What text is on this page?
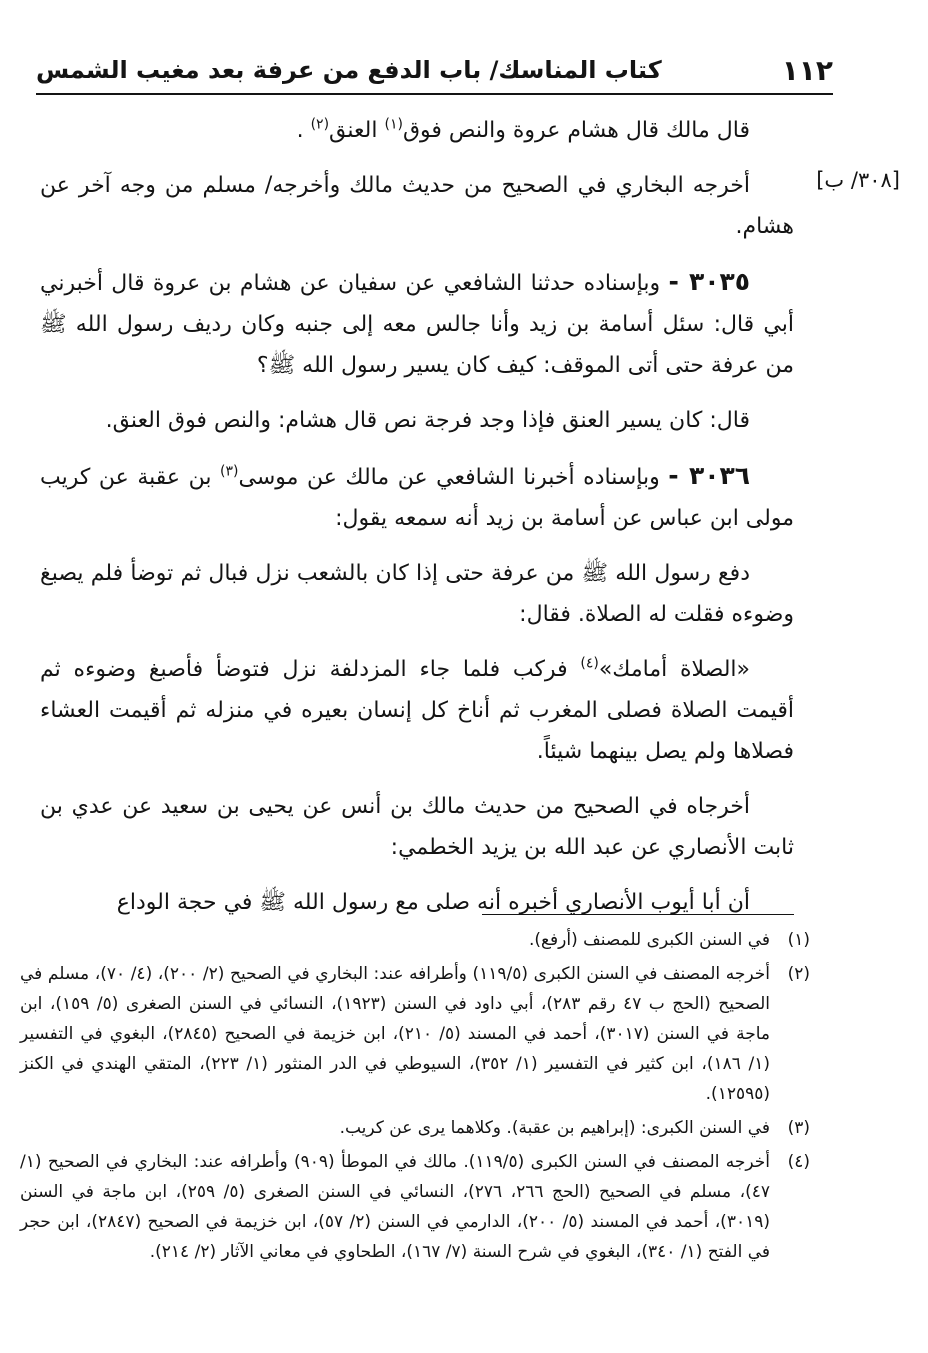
١١٢
كتاب المناسك/ باب الدفع من عرفة بعد مغيب الشمس
[٣٠٨/ ب]

قال مالك قال هشام عروة والنص فوق$^{(١)}$ العنق$^{(٢)}$ .

أخرجه البخاري في الصحيح من حديث مالك وأخرجه/ مسلم من وجه آخر عن هشام.

٣٠٣٥ - وبإسناده حدثنا الشافعي عن سفيان عن هشام بن عروة قال أخبرني أبي قال: سئل أسامة بن زيد وأنا جالس معه إلى جنبه وكان رديف رسول الله ﷺ من عرفة حتى أتى الموقف: كيف كان يسير رسول الله ﷺ؟

قال: كان يسير العنق فإذا وجد فرجة نص قال هشام: والنص فوق العنق.

٣٠٣٦ - وبإسناده أخبرنا الشافعي عن مالك عن موسى$^{(٣)}$ بن عقبة عن كريب مولى ابن عباس عن أسامة بن زيد أنه سمعه يقول:

دفع رسول الله ﷺ من عرفة حتى إذا كان بالشعب نزل فبال ثم توضأ فلم يصبغ وضوءه فقلت له الصلاة. فقال:

«الصلاة أمامك»$^{(٤)}$ فركب فلما جاء المزدلفة نزل فتوضأ فأصبغ وضوءه ثم أقيمت الصلاة فصلى المغرب ثم أناخ كل إنسان بعيره في منزله ثم أقيمت العشاء فصلاها ولم يصل بينهما شيئاً.

أخرجاه في الصحيح من حديث مالك بن أنس عن يحيى بن سعيد عن عدي بن ثابت الأنصاري عن عبد الله بن يزيد الخطمي:

أن أبا أيوب الأنصاري أخبره أنه صلى مع رسول الله ﷺ في حجة الوداع

(١)
في السنن الكبرى للمصنف (أرفع).
(٢)
أخرجه المصنف في السنن الكبرى (١١٩/٥) وأطرافه عند: البخاري في الصحيح (٢/ ٢٠٠)، (٤/ ٧٠)، مسلم في الصحيح (الحج ب ٤٧ رقم ٢٨٣)، أبي داود في السنن (١٩٢٣)، النسائي في السنن الصغرى (٥/ ١٥٩)، ابن ماجة في السنن (٣٠١٧)، أحمد في المسند (٥/ ٢١٠)، ابن خزيمة في الصحيح (٢٨٤٥)، البغوي في التفسير (١/ ١٨٦)، ابن كثير في التفسير (١/ ٣٥٢)، السيوطي في الدر المنثور (١/ ٢٢٣)، المتقي الهندي في الكنز (١٢٥٩٥).
(٣)
في السنن الكبرى: (إبراهيم بن عقبة). وكلاهما يرى عن كريب.
(٤)
أخرجه المصنف في السنن الكبرى (١١٩/٥). مالك في الموطأ (٩٠٩) وأطرافه عند: البخاري في الصحيح (١/ ٤٧)، مسلم في الصحيح (الحج ٢٦٦، ٢٧٦)، النسائي في السنن الصغرى (٥/ ٢٥٩)، ابن ماجة في السنن (٣٠١٩)، أحمد في المسند (٥/ ٢٠٠)، الدارمي في السنن (٢/ ٥٧)، ابن خزيمة في الصحيح (٢٨٤٧)، ابن حجر في الفتح (١/ ٣٤٠)، البغوي في شرح السنة (٧/ ١٦٧)، الطحاوي في معاني الآثار (٢/ ٢١٤).
